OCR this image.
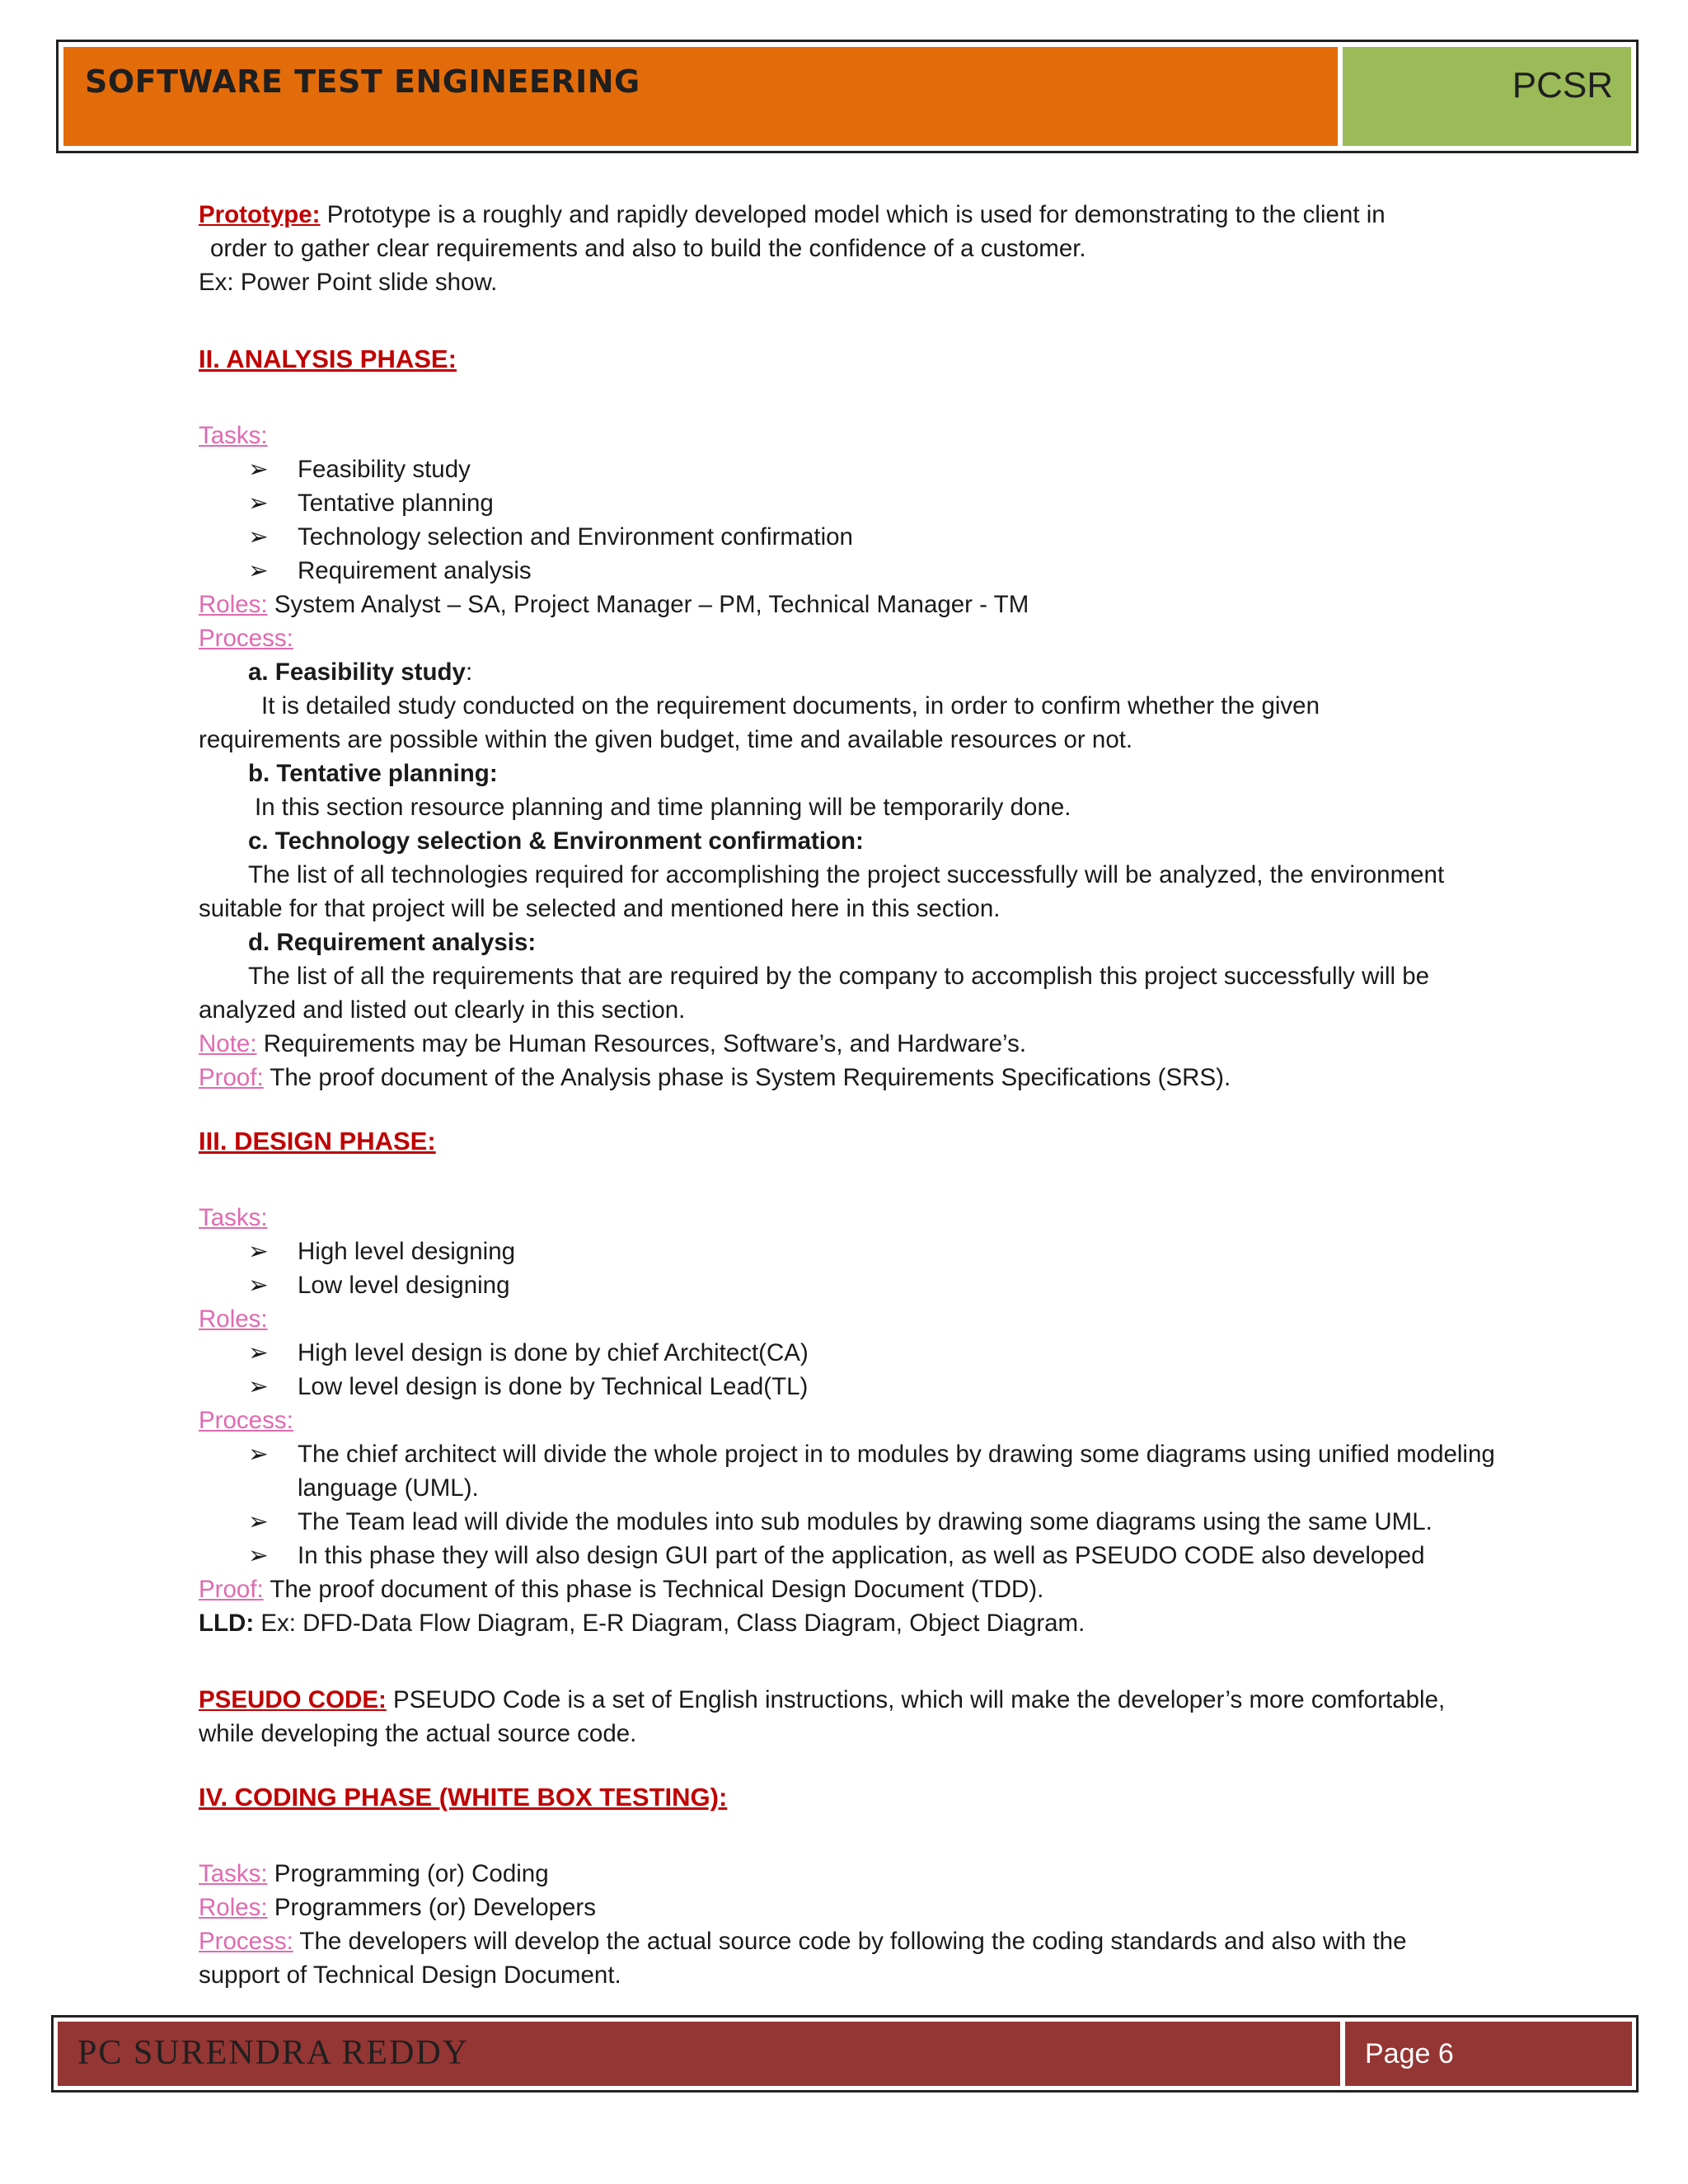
SOFTWARE TEST ENGINEERING	PCSR

Prototype: Prototype is a roughly and rapidly developed model which is used for demonstrating to the client in

order to gather clear requirements and also to build the confidence of a customer.

Ex: Power Point slide show.

II. ANALYSIS PHASE:

Tasks:

➢	Feasibility study

➢	Tentative planning

➢	Technology selection and Environment confirmation

➢	Requirement analysis

Roles: System Analyst – SA, Project Manager – PM, Technical Manager - TM

Process:

a. Feasibility study:

It is detailed study conducted on the requirement documents, in order to confirm whether the given

requirements are possible within the given budget, time and available resources or not.

b. Tentative planning:

In this section resource planning and time planning will be temporarily done.

c. Technology selection & Environment confirmation:

The list of all technologies required for accomplishing the project successfully will be analyzed, the environment

suitable for that project will be selected and mentioned here in this section.

d. Requirement analysis:

The list of all the requirements that are required by the company to accomplish this project successfully will be

analyzed and listed out clearly in this section.

Note: Requirements may be Human Resources, Software’s, and Hardware’s.

Proof: The proof document of the Analysis phase is System Requirements Specifications (SRS).

III. DESIGN PHASE:

Tasks:

➢	High level designing

➢	Low level designing

Roles:

➢	High level design is done by chief Architect(CA)

➢	Low level design is done by Technical Lead(TL)

Process:

➢	The chief architect will divide the whole project in to modules by drawing some diagrams using unified modeling language (UML).

➢	The Team lead will divide the modules into sub modules by drawing some diagrams using the same UML.

➢	In this phase they will also design GUI part of the application, as well as PSEUDO CODE also developed

Proof: The proof document of this phase is Technical Design Document (TDD).

LLD: Ex: DFD-Data Flow Diagram, E-R Diagram, Class Diagram, Object Diagram.

PSEUDO CODE: PSEUDO Code is a set of English instructions, which will make the developer’s more comfortable,

while developing the actual source code.

IV. CODING PHASE (WHITE BOX TESTING):

Tasks: Programming (or) Coding

Roles: Programmers (or) Developers

Process: The developers will develop the actual source code by following the coding standards and also with the

support of Technical Design Document.

PC SURENDRA REDDY	Page 6
